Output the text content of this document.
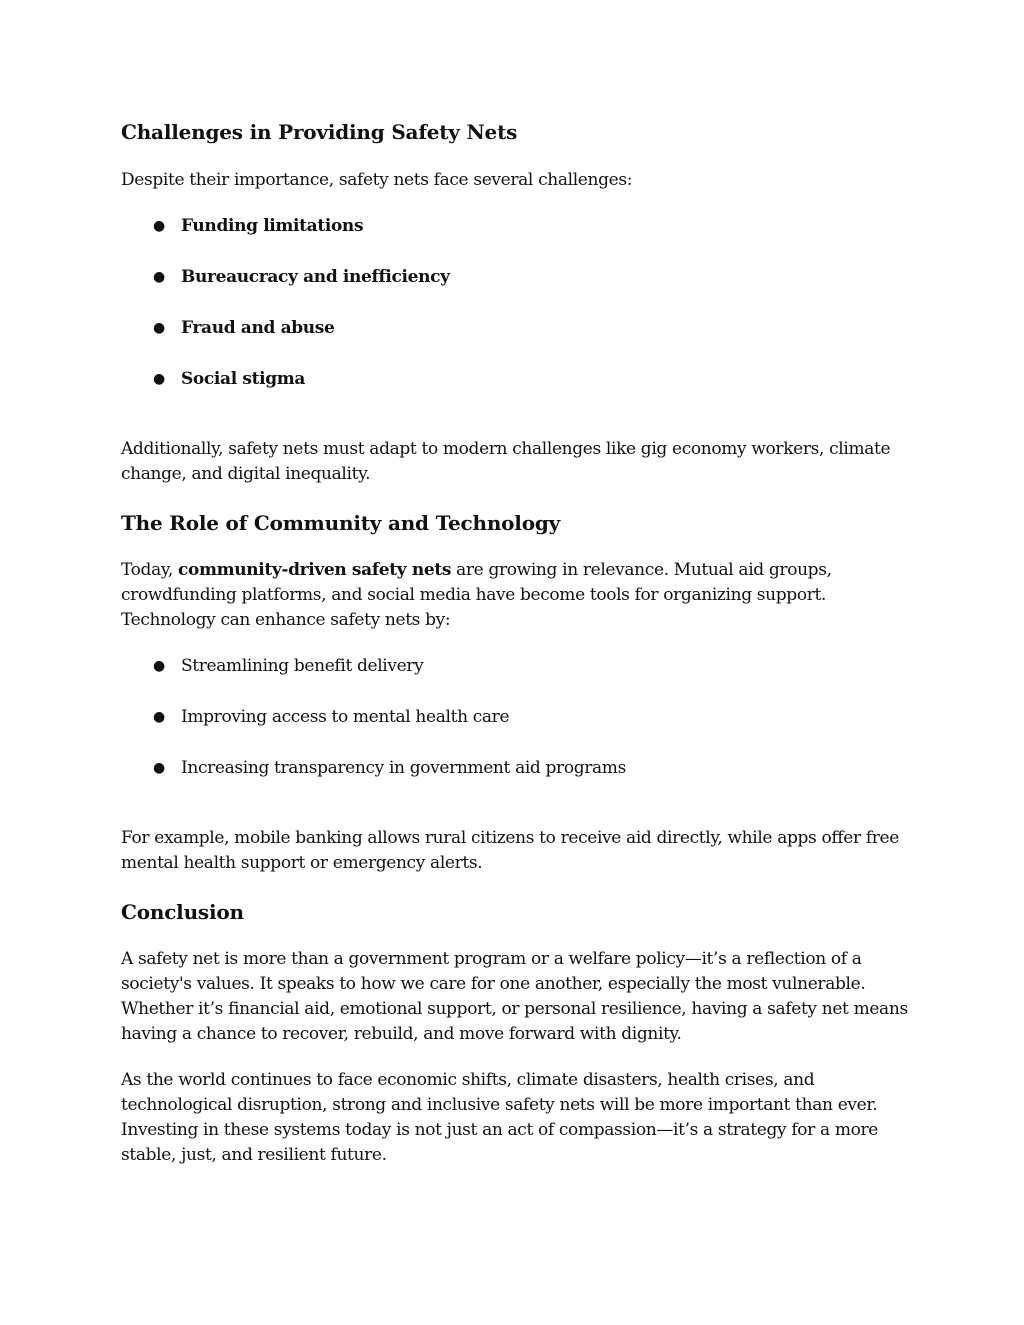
Challenges in Providing Safety Nets

Despite their importance, safety nets face several challenges:

● Funding limitations
● Bureaucracy and inefficiency
● Fraud and abuse
● Social stigma

Additionally, safety nets must adapt to modern challenges like gig economy workers, climate change, and digital inequality.

The Role of Community and Technology

Today, community-driven safety nets are growing in relevance. Mutual aid groups, crowdfunding platforms, and social media have become tools for organizing support. Technology can enhance safety nets by:

● Streamlining benefit delivery
● Improving access to mental health care
● Increasing transparency in government aid programs

For example, mobile banking allows rural citizens to receive aid directly, while apps offer free mental health support or emergency alerts.

Conclusion

A safety net is more than a government program or a welfare policy—it’s a reflection of a society's values. It speaks to how we care for one another, especially the most vulnerable. Whether it’s financial aid, emotional support, or personal resilience, having a safety net means having a chance to recover, rebuild, and move forward with dignity.

As the world continues to face economic shifts, climate disasters, health crises, and technological disruption, strong and inclusive safety nets will be more important than ever. Investing in these systems today is not just an act of compassion—it’s a strategy for a more stable, just, and resilient future.
